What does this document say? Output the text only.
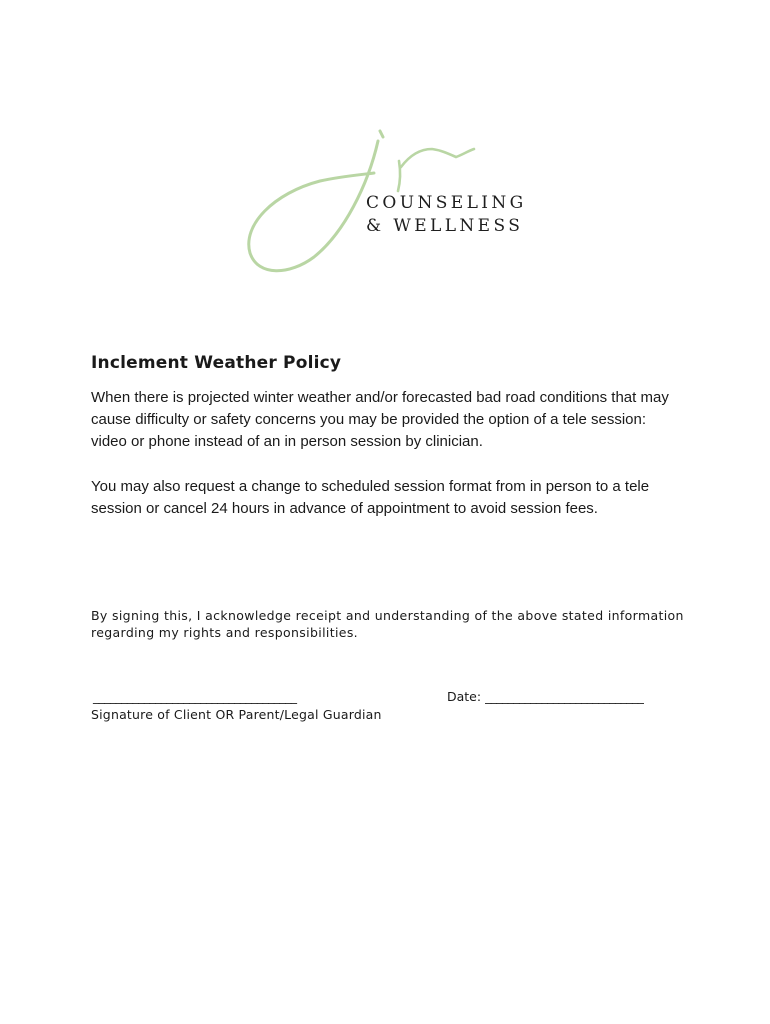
COUNSELING
& WELLNESS
Inclement Weather Policy

When there is projected winter weather and/or forecasted bad road conditions that may cause difficulty or safety concerns you may be provided the option of a tele session: video or phone instead of an in person session by clinician.

You may also request a change to scheduled session format from in person to a tele session or cancel 24 hours in advance of appointment to avoid session fees.

By signing this, I acknowledge receipt and understanding of the above stated information regarding my rights and responsibilities.

____________________________________
Signature of Client OR Parent/Legal Guardian
Date: ____________________________
